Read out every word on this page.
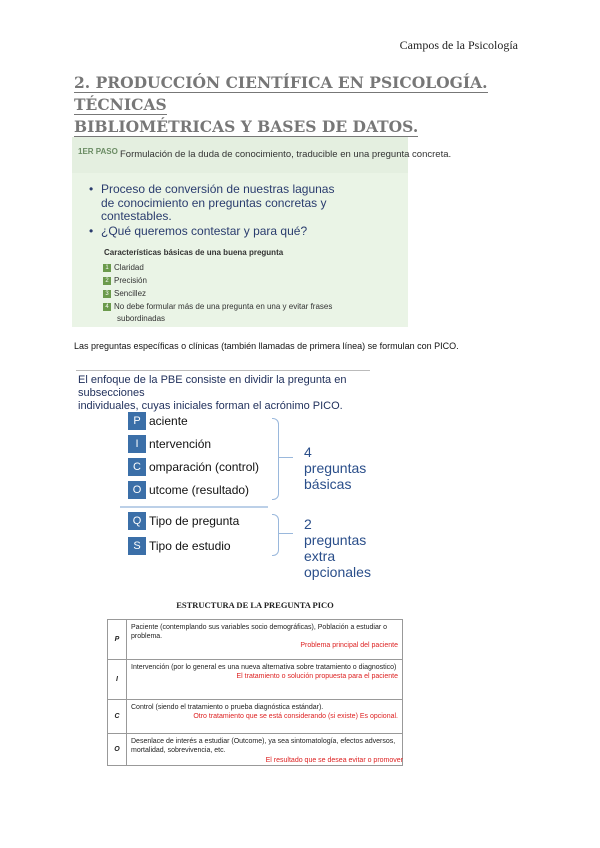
Campos de la Psicología
2. PRODUCCIÓN CIENTÍFICA EN PSICOLOGÍA. TÉCNICAS
BIBLIOMÉTRICAS Y BASES DE DATOS.
1ER PASO Formulación de la duda de conocimiento, traducible en una pregunta concreta.
• Proceso de conversión de nuestras lagunas
de conocimiento en preguntas concretas y
contestables.
• ¿Qué queremos contestar y para qué?
Características básicas de una buena pregunta
1 Claridad
2 Precisión
3 Sencillez
4 No debe formular más de una pregunta en una y evitar frases
subordinadas
Las preguntas específicas o clínicas (también llamadas de primera línea) se formulan con PICO.
El enfoque de la PBE consiste en dividir la pregunta en subsecciones
individuales, cuyas iniciales forman el acrónimo PICO.
P aciente
I ntervención
C omparación (control)
O utcome (resultado)
Q Tipo de pregunta
S Tipo de estudio
4 preguntas
básicas
2 preguntas
extra opcionales
ESTRUCTURA DE LA PREGUNTA PICO
P	Paciente (contemplando sus variables socio demográficas), Población a estudiar o problema.
Problema principal del paciente

I	Intervención (por lo general es una nueva alternativa sobre tratamiento o diagnostico)
El tratamiento o solución propuesta para el paciente

C	Control (siendo el tratamiento o prueba diagnóstica estándar).
Otro tratamiento que se está considerando (si existe) Es opcional.

O	Desenlace de interés a estudiar (Outcome), ya sea sintomatología, efectos adversos, mortalidad, sobrevivencia, etc.
El resultado que se desea evitar o promover
